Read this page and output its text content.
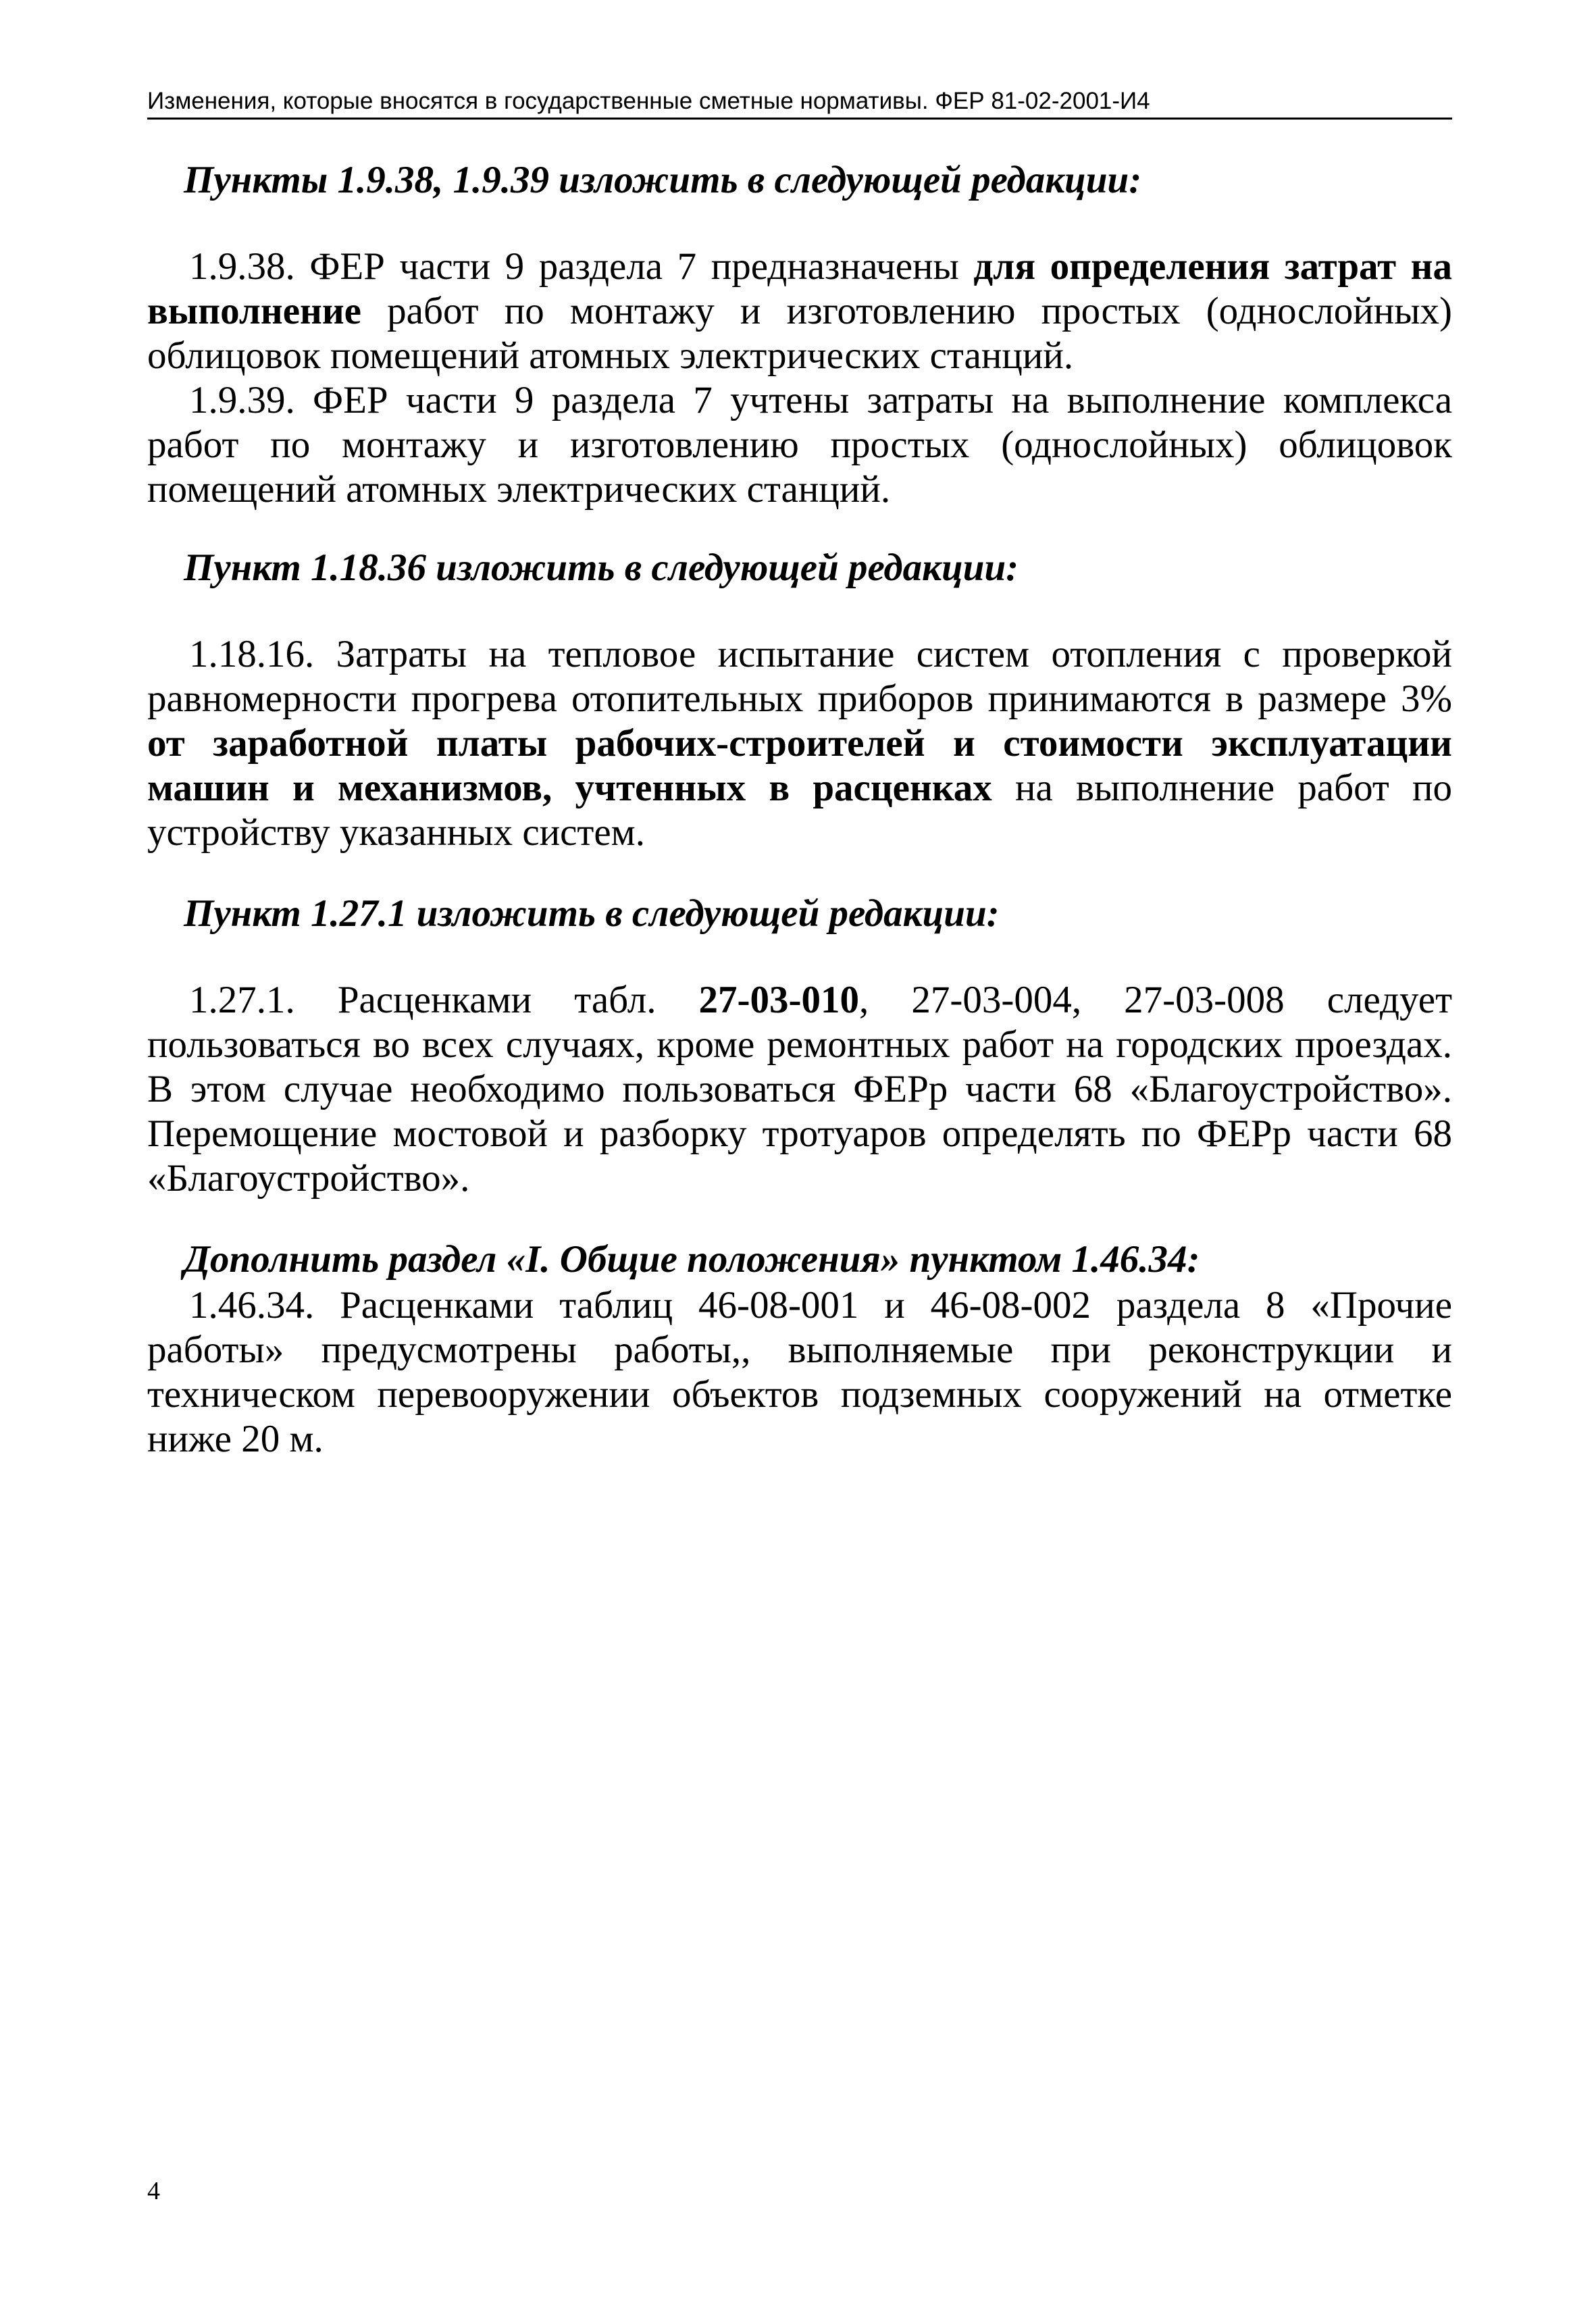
Изменения, которые вносятся в государственные сметные нормативы. ФЕР 81-02-2001-И4

Пункты 1.9.38, 1.9.39 изложить в следующей редакции:

1.9.38. ФЕР части 9 раздела 7 предназначены для определения затрат на выполнение работ по монтажу и изготовлению простых (однослойных) облицовок помещений атомных электрических станций.

1.9.39. ФЕР части 9 раздела 7 учтены затраты на выполнение комплекса работ по монтажу и изготовлению простых (однослойных) облицовок помещений атомных электрических станций.

Пункт 1.18.36 изложить в следующей редакции:

1.18.16. Затраты на тепловое испытание систем отопления с проверкой равномерности прогрева отопительных приборов принимаются в размере 3% от заработной платы рабочих-строителей и стоимости эксплуатации машин и механизмов, учтенных в расценках на выполнение работ по устройству указанных систем.

Пункт 1.27.1 изложить в следующей редакции:

1.27.1. Расценками табл. 27-03-010, 27-03-004, 27-03-008 следует пользоваться во всех случаях, кроме ремонтных работ на городских проездах. В этом случае необходимо пользоваться ФЕРр части 68 «Благоустройство». Перемощение мостовой и разборку тротуаров определять по ФЕРр части 68 «Благоустройство».

Дополнить раздел «I. Общие положения» пунктом 1.46.34:

1.46.34. Расценками таблиц 46-08-001 и 46-08-002 раздела 8 «Прочие работы» предусмотрены работы,, выполняемые при реконструкции и техническом перевооружении объектов подземных сооружений на отметке ниже 20 м.

4
